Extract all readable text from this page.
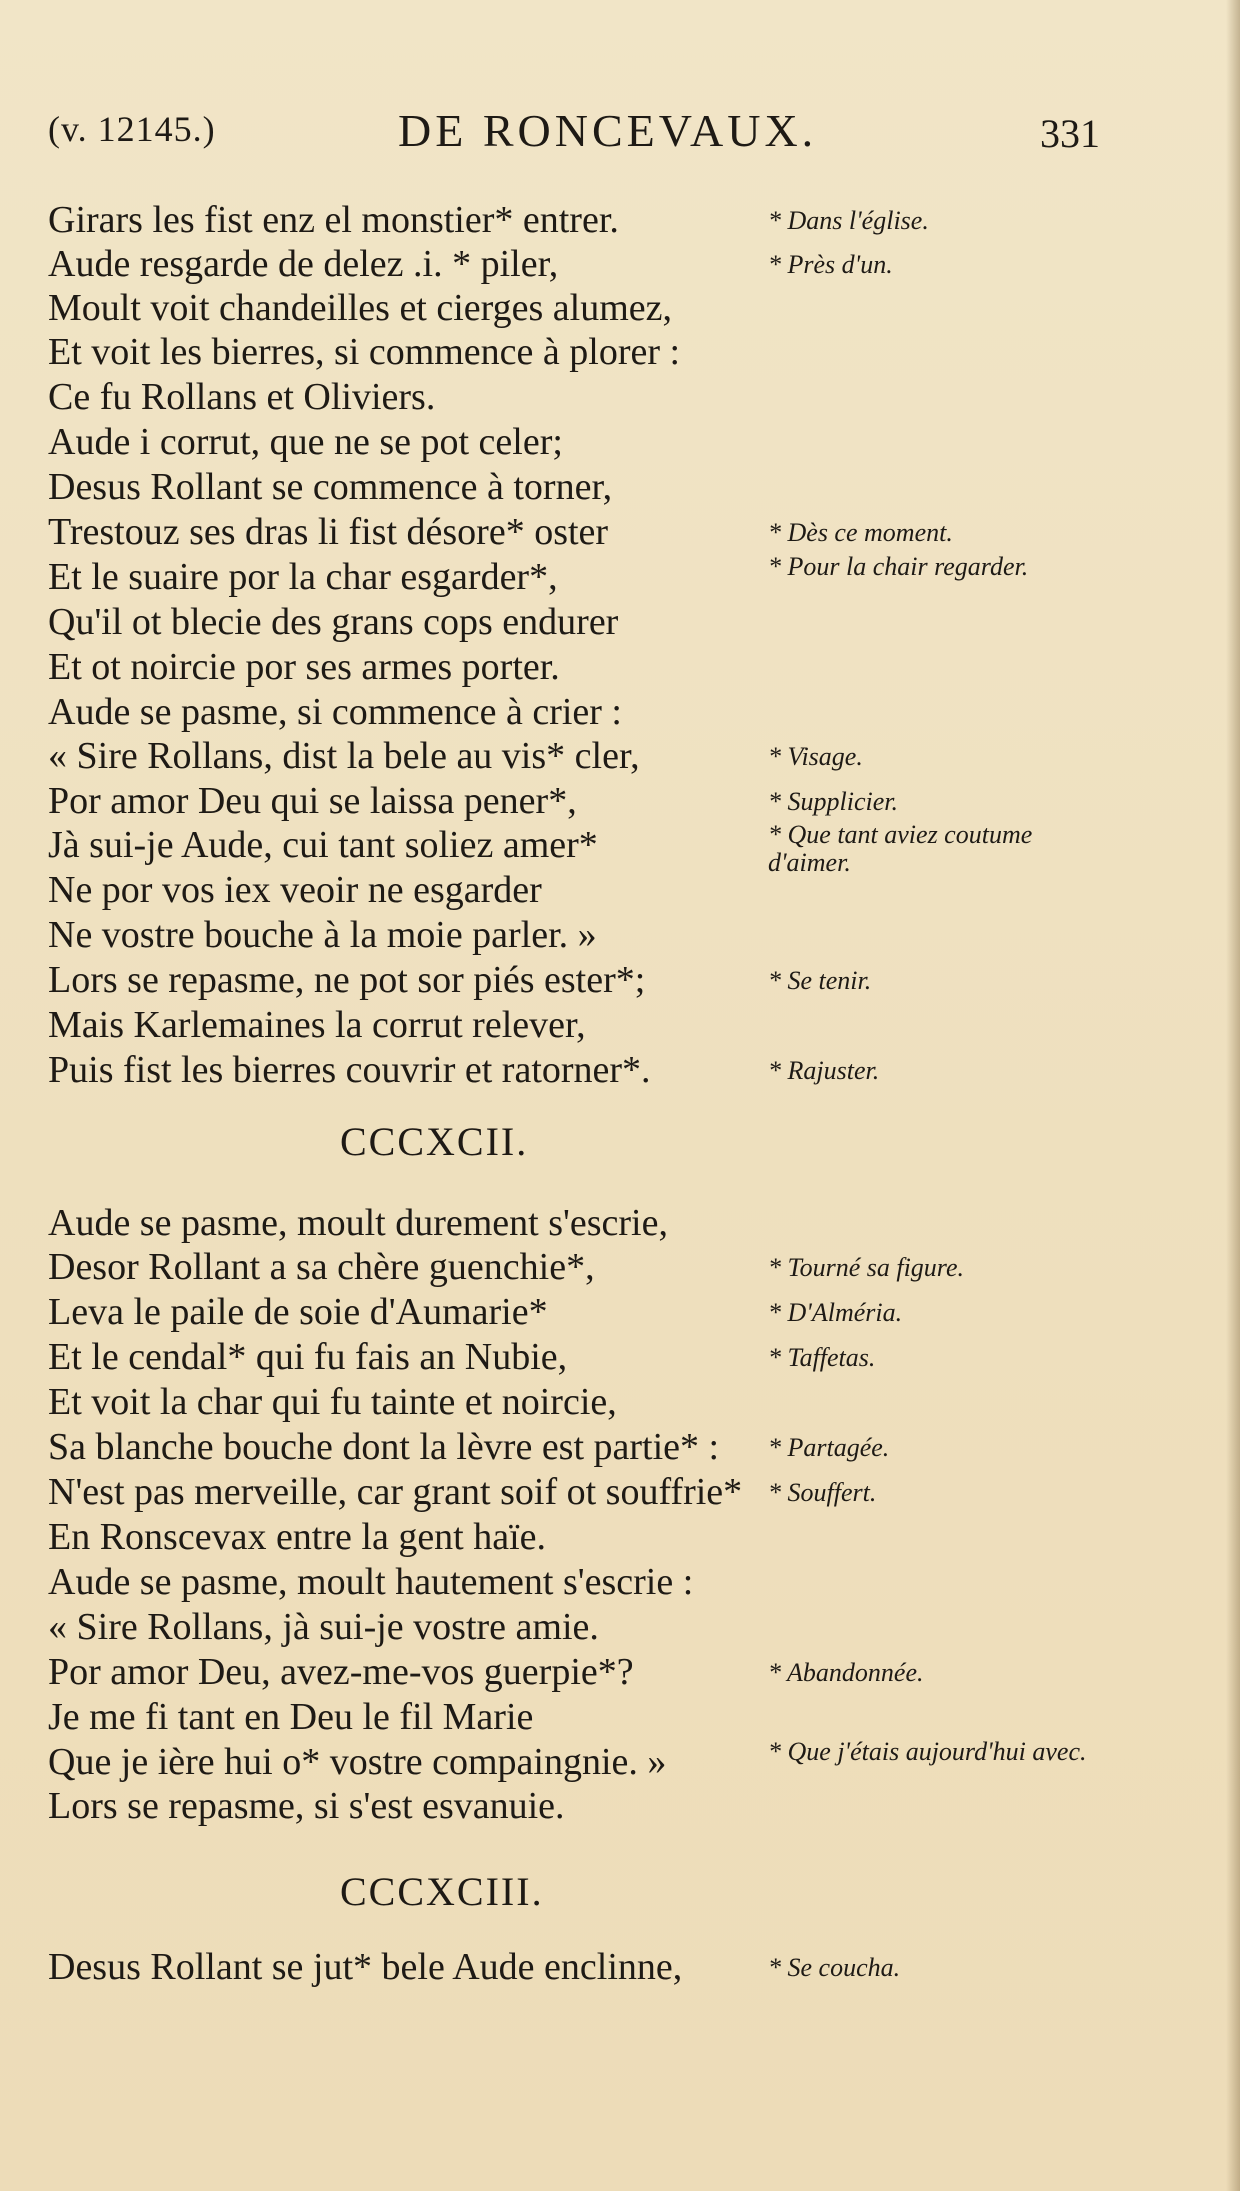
(v. 12145.)	DE RONCEVAUX.	331
Girars les fist enz el monstier* entrer.	* Dans l'église.
Aude resgarde de delez .i. * piler,	* Près d'un.
Moult voit chandeilles et cierges alumez,
Et voit les bierres, si commence à plorer :
Ce fu Rollans et Oliviers.
Aude i corrut, que ne se pot celer;
Desus Rollant se commence à torner,
Trestouz ses dras li fist désore* oster	* Dès ce moment.
Et le suaire por la char esgarder*,	* Pour la chair regarder.
Qu'il ot blecie des grans cops endurer
Et ot noircie por ses armes porter.
Aude se pasme, si commence à crier :
« Sire Rollans, dist la bele au vis* cler,	* Visage.
Por amor Deu qui se laissa pener*,	* Supplicier.
Jà sui-je Aude, cui tant soliez amer*	* Que tant aviez coutume d'aimer.
Ne por vos iex veoir ne esgarder
Ne vostre bouche à la moie parler. »
Lors se repasme, ne pot sor piés ester*;	* Se tenir.
Mais Karlemaines la corrut relever,
Puis fist les bierres couvrir et ratorner*.	* Rajuster.
CCCXCII.
Aude se pasme, moult durement s'escrie,
Desor Rollant a sa chère guenchie*,	* Tourné sa figure.
Leva le paile de soie d'Aumarie*	* D'Alméria.
Et le cendal* qui fu fais an Nubie,	* Taffetas.
Et voit la char qui fu tainte et noircie,
Sa blanche bouche dont la lèvre est partie* : * Partagée.
N'est pas merveille, car grant soif ot souffrie* * Souffert.
En Ronscevax entre la gent haïe.
Aude se pasme, moult hautement s'escrie :
« Sire Rollans, jà sui-je vostre amie.
Por amor Deu, avez-me-vos guerpie*?	* Abandonnée.
Je me fi tant en Deu le fil Marie
Que je ière hui o* vostre compaingnie. »	* Que j'étais aujourd'hui avec.
Lors se repasme, si s'est esvanuie.
CCCXCIII.
Desus Rollant se jut* bele Aude enclinne,	* Se coucha.
